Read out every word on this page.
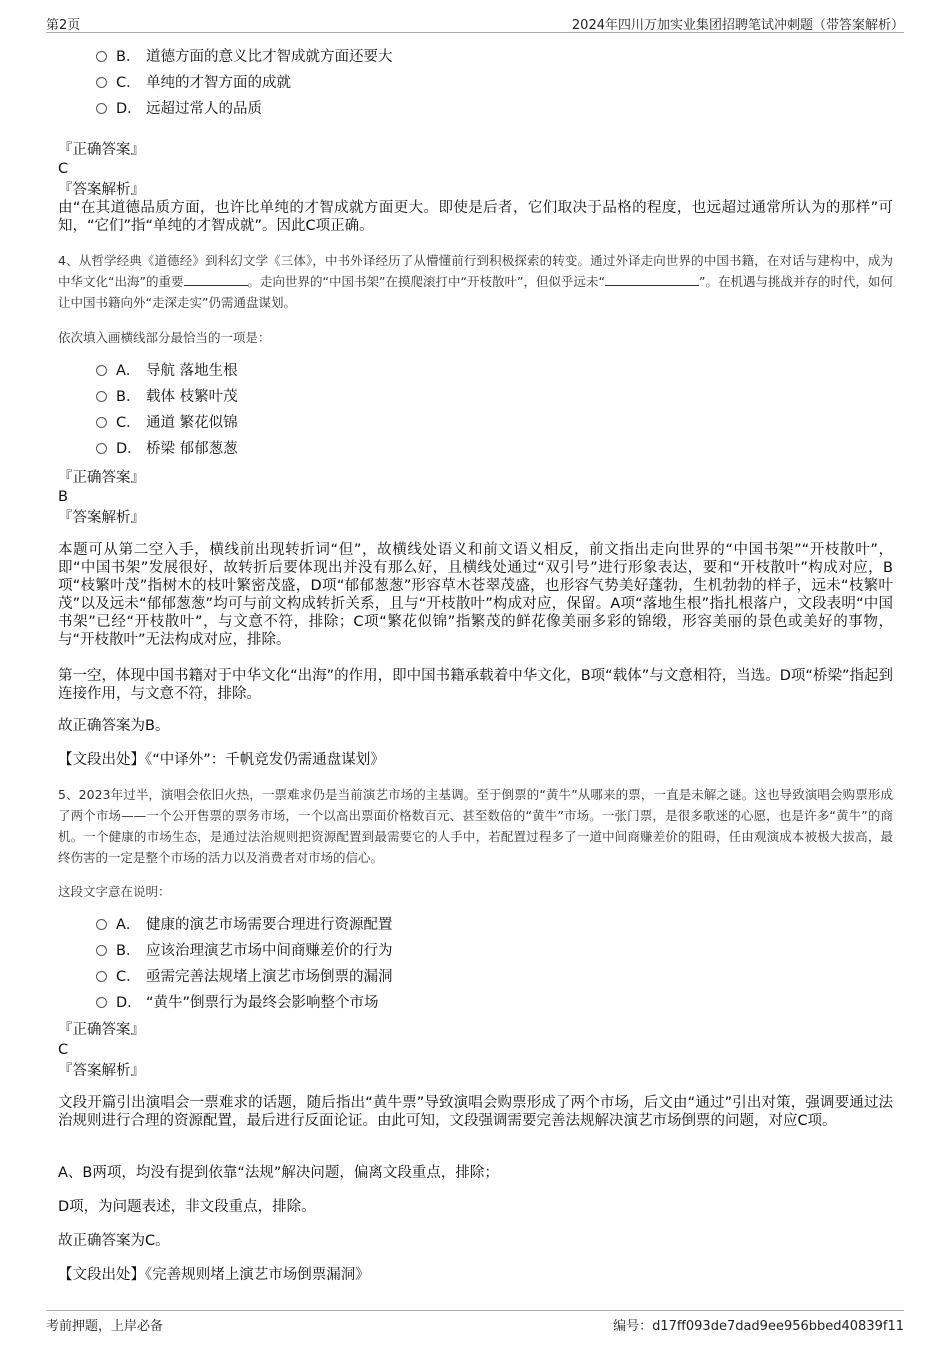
第2页	2024年四川万加实业集团招聘笔试冲刺题（带答案解析）
B． 道德方面的意义比才智成就方面还要大
C． 单纯的才智方面的成就
D． 远超过常人的品质
『正确答案』
C
『答案解析』
由“在其道德品质方面，也许比单纯的才智成就方面更大。即使是后者，它们取决于品格的程度，也远超过通常所认为的那样”可知，“它们”指“单纯的才智成就”。因此C项正确。
4、从哲学经典《道德经》到科幻文学《三体》，中书外译经历了从懵懂前行到积极探索的转变。通过外译走向世界的中国书籍，在对话与建构中，成为中华文化“出海”的重要	。走向世界的“中国书架”在摸爬滚打中“开枝散叶”，但似乎远未“	”。在机遇与挑战并存的时代，如何让中国书籍向外“走深走实”仍需通盘谋划。
依次填入画横线部分最恰当的一项是：
A． 导航 落地生根
B． 载体 枝繁叶茂
C． 通道 繁花似锦
D． 桥梁 郁郁葱葱
『正确答案』
B
『答案解析』
本题可从第二空入手，横线前出现转折词“但”，故横线处语义和前文语义相反，前文指出走向世界的“中国书架”“开枝散叶”，即“中国书架”发展很好，故转折后要体现出并没有那么好，且横线处通过“双引号”进行形象表达，要和“开枝散叶”构成对应，B项“枝繁叶茂”指树木的枝叶繁密茂盛，D项“郁郁葱葱”形容草木苍翠茂盛，也形容气势美好蓬勃，生机勃勃的样子，远未“枝繁叶茂”以及远未“郁郁葱葱”均可与前文构成转折关系，且与“开枝散叶”构成对应，保留。A项“落地生根”指扎根落户，文段表明“中国书架”已经“开枝散叶”，与文意不符，排除；C项“繁花似锦”指繁茂的鲜花像美丽多彩的锦缎，形容美丽的景色或美好的事物，与“开枝散叶”无法构成对应，排除。
第一空，体现中国书籍对于中华文化“出海”的作用，即中国书籍承载着中华文化，B项“载体”与文意相符，当选。D项“桥梁”指起到连接作用，与文意不符，排除。
故正确答案为B。
【文段出处】《“中译外”：千帆竞发仍需通盘谋划》
5、2023年过半，演唱会依旧火热，一票难求仍是当前演艺市场的主基调。至于倒票的“黄牛”从哪来的票，一直是未解之谜。这也导致演唱会购票形成了两个市场——一个公开售票的票务市场，一个以高出票面价格数百元、甚至数倍的“黄牛”市场。一张门票，是很多歌迷的心愿，也是许多“黄牛”的商机。一个健康的市场生态，是通过法治规则把资源配置到最需要它的人手中，若配置过程多了一道中间商赚差价的阻碍，任由观演成本被极大拔高，最终伤害的一定是整个市场的活力以及消费者对市场的信心。
这段文字意在说明：
A． 健康的演艺市场需要合理进行资源配置
B． 应该治理演艺市场中间商赚差价的行为
C． 亟需完善法规堵上演艺市场倒票的漏洞
D． “黄牛”倒票行为最终会影响整个市场
『正确答案』
C
『答案解析』
文段开篇引出演唱会一票难求的话题，随后指出“黄牛票”导致演唱会购票形成了两个市场，后文由“通过”引出对策，强调要通过法治规则进行合理的资源配置，最后进行反面论证。由此可知，文段强调需要完善法规解决演艺市场倒票的问题，对应C项。
A、B两项，均没有提到依靠“法规”解决问题，偏离文段重点，排除；
D项，为问题表述，非文段重点，排除。
故正确答案为C。
【文段出处】《完善规则堵上演艺市场倒票漏洞》
考前押题，上岸必备	编号：d17ff093de7dad9ee956bbed40839f11
